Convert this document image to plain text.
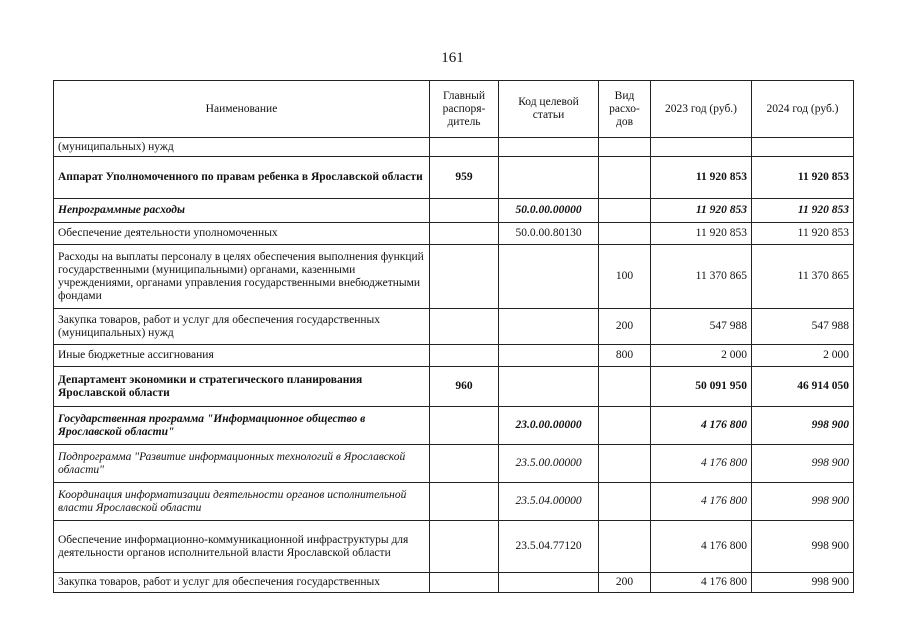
161
Наименование	Главный распоря-дитель	Код целевой статьи	Вид расхо-дов	2023 год (руб.)	2024 год (руб.)
(муниципальных) нужд					
Аппарат Уполномоченного по правам ребенка в Ярославской области	959			11 920 853	11 920 853
Непрограммные расходы		50.0.00.00000		11 920 853	11 920 853
Обеспечение деятельности уполномоченных		50.0.00.80130		11 920 853	11 920 853
Расходы на выплаты персоналу в целях обеспечения выполнения функций государственными (муниципальными) органами, казенными учреждениями, органами управления государственными внебюджетными фондами			100	11 370 865	11 370 865
Закупка товаров, работ и услуг для обеспечения государственных (муниципальных) нужд			200	547 988	547 988
Иные бюджетные ассигнования			800	2 000	2 000
Департамент экономики и стратегического планирования Ярославской области	960			50 091 950	46 914 050
Государственная программа "Информационное общество в Ярославской области"		23.0.00.00000		4 176 800	998 900
Подпрограмма "Развитие информационных технологий в Ярославской области"		23.5.00.00000		4 176 800	998 900
Координация информатизации деятельности органов исполнительной власти Ярославской области		23.5.04.00000		4 176 800	998 900
Обеспечение информационно-коммуникационной инфраструктуры для деятельности органов исполнительной власти Ярославской области		23.5.04.77120		4 176 800	998 900
Закупка товаров, работ и услуг для обеспечения государственных			200	4 176 800	998 900
